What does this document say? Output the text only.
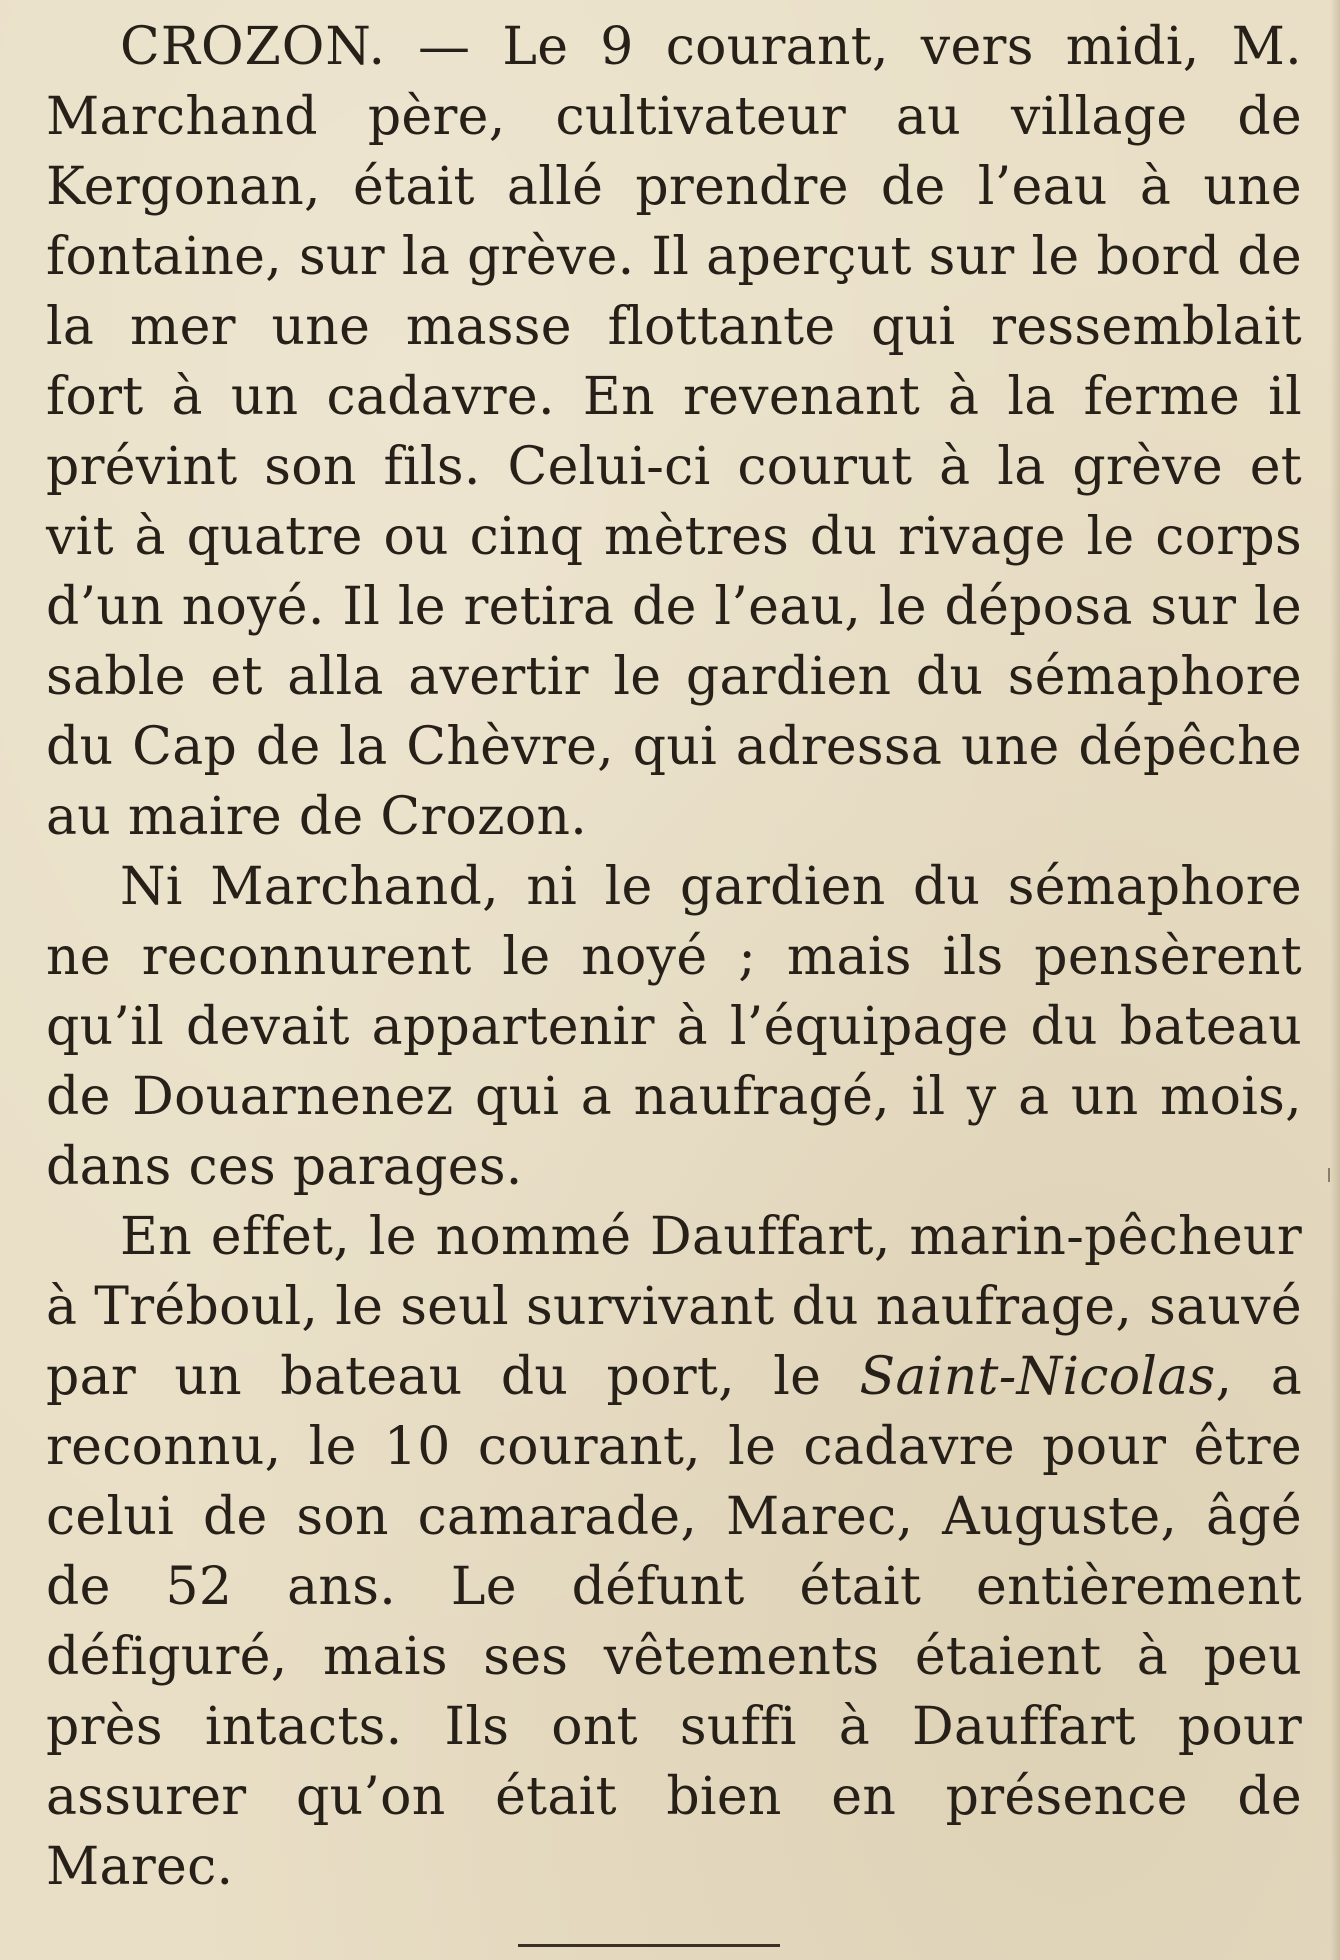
CROZON. — Le 9 courant, vers midi, M. Marchand père, cultivateur au village de Kergonan, était allé prendre de l’eau à une fontaine, sur la grève. Il aperçut sur le bord de la mer une masse flottante qui ressemblait fort à un cadavre. En revenant à la ferme il prévint son fils. Celui-ci courut à la grève et vit à quatre ou cinq mètres du rivage le corps d’un noyé. Il le retira de l’eau, le déposa sur le sable et alla avertir le gardien du sémaphore du Cap de la Chèvre, qui adressa une dépêche au maire de Crozon.

Ni Marchand, ni le gardien du sémaphore ne reconnurent le noyé ; mais ils pensèrent qu’il devait appartenir à l’équipage du bateau de Douarnenez qui a naufragé, il y a un mois, dans ces parages.

En effet, le nommé Dauffart, marin-pêcheur à Tréboul, le seul survivant du naufrage, sauvé par un bateau du port, le Saint-Nicolas, a reconnu, le 10 courant, le cadavre pour être celui de son camarade, Marec, Auguste, âgé de 52 ans. Le défunt était entièrement défiguré, mais ses vêtements étaient à peu près intacts. Ils ont suffi à Dauffart pour assurer qu’on était bien en présence de Marec.
